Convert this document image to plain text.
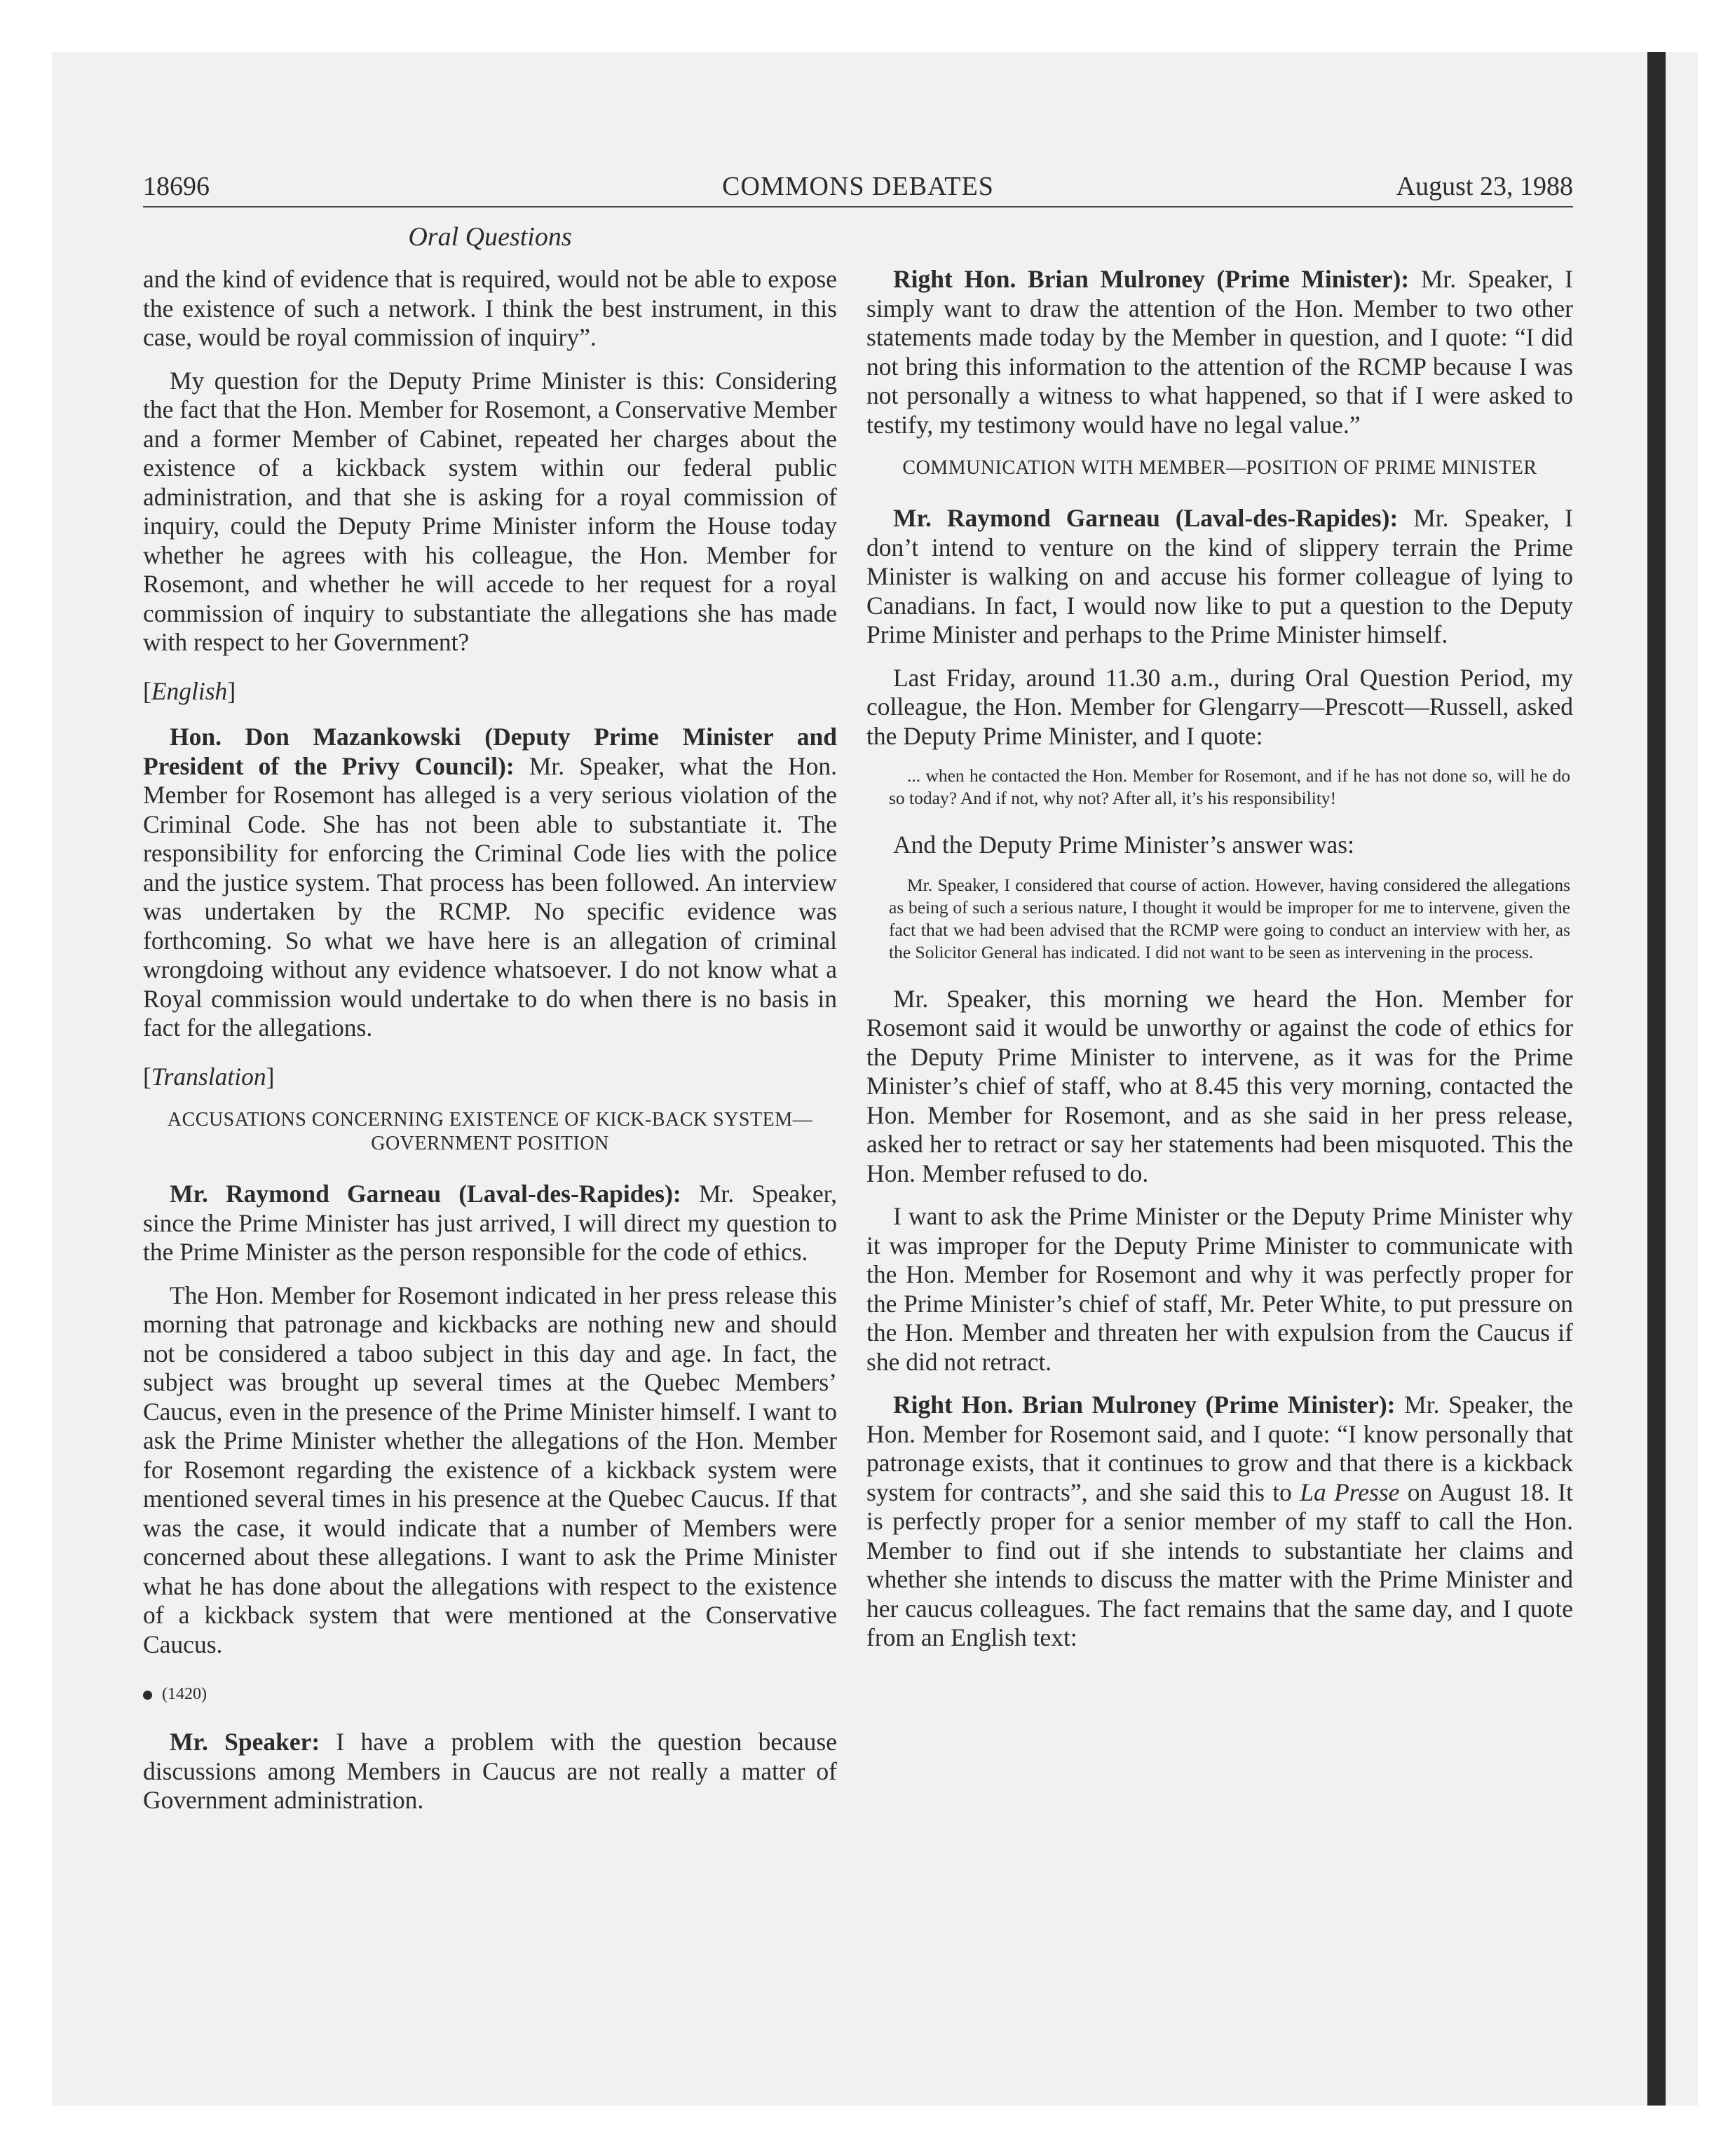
18696	COMMONS DEBATES	August 23, 1988
Oral Questions

and the kind of evidence that is required, would not be able to expose the existence of such a network. I think the best instrument, in this case, would be royal commission of inquiry”.

My question for the Deputy Prime Minister is this: Considering the fact that the Hon. Member for Rosemont, a Conservative Member and a former Member of Cabinet, repeated her charges about the existence of a kickback system within our federal public administration, and that she is asking for a royal commission of inquiry, could the Deputy Prime Minister inform the House today whether he agrees with his colleague, the Hon. Member for Rosemont, and whether he will accede to her request for a royal commission of inquiry to substantiate the allegations she has made with respect to her Government?

[English]

Hon. Don Mazankowski (Deputy Prime Minister and President of the Privy Council): Mr. Speaker, what the Hon. Member for Rosemont has alleged is a very serious violation of the Criminal Code. She has not been able to substantiate it. The responsibility for enforcing the Criminal Code lies with the police and the justice system. That process has been followed. An interview was undertaken by the RCMP. No specific evidence was forthcoming. So what we have here is an allegation of criminal wrongdoing without any evidence whatsoever. I do not know what a Royal commission would undertake to do when there is no basis in fact for the allegations.

[Translation]
ACCUSATIONS CONCERNING EXISTENCE OF KICK-BACK SYSTEM—GOVERNMENT POSITION

Mr. Raymond Garneau (Laval-des-Rapides): Mr. Speaker, since the Prime Minister has just arrived, I will direct my question to the Prime Minister as the person responsible for the code of ethics.

The Hon. Member for Rosemont indicated in her press release this morning that patronage and kickbacks are nothing new and should not be considered a taboo subject in this day and age. In fact, the subject was brought up several times at the Quebec Members’ Caucus, even in the presence of the Prime Minister himself. I want to ask the Prime Minister whether the allegations of the Hon. Member for Rosemont regarding the existence of a kickback system were mentioned several times in his presence at the Quebec Caucus. If that was the case, it would indicate that a number of Members were concerned about these allegations. I want to ask the Prime Minister what he has done about the allegations with respect to the existence of a kickback system that were mentioned at the Conservative Caucus.

(1420)

Mr. Speaker: I have a problem with the question because discussions among Members in Caucus are not really a matter of Government administration.

Right Hon. Brian Mulroney (Prime Minister): Mr. Speaker, I simply want to draw the attention of the Hon. Member to two other statements made today by the Member in question, and I quote: “I did not bring this information to the attention of the RCMP because I was not personally a witness to what happened, so that if I were asked to testify, my testimony would have no legal value.”

COMMUNICATION WITH MEMBER—POSITION OF PRIME MINISTER

Mr. Raymond Garneau (Laval-des-Rapides): Mr. Speaker, I don’t intend to venture on the kind of slippery terrain the Prime Minister is walking on and accuse his former colleague of lying to Canadians. In fact, I would now like to put a question to the Deputy Prime Minister and perhaps to the Prime Minister himself.

Last Friday, around 11.30 a.m., during Oral Question Period, my colleague, the Hon. Member for Glengarry—Prescott—Russell, asked the Deputy Prime Minister, and I quote:

... when he contacted the Hon. Member for Rosemont, and if he has not done so, will he do so today? And if not, why not? After all, it’s his responsibility!

And the Deputy Prime Minister’s answer was:

Mr. Speaker, I considered that course of action. However, having considered the allegations as being of such a serious nature, I thought it would be improper for me to intervene, given the fact that we had been advised that the RCMP were going to conduct an interview with her, as the Solicitor General has indicated. I did not want to be seen as intervening in the process.

Mr. Speaker, this morning we heard the Hon. Member for Rosemont said it would be unworthy or against the code of ethics for the Deputy Prime Minister to intervene, as it was for the Prime Minister’s chief of staff, who at 8.45 this very morning, contacted the Hon. Member for Rosemont, and as she said in her press release, asked her to retract or say her statements had been misquoted. This the Hon. Member refused to do.

I want to ask the Prime Minister or the Deputy Prime Minister why it was improper for the Deputy Prime Minister to communicate with the Hon. Member for Rosemont and why it was perfectly proper for the Prime Minister’s chief of staff, Mr. Peter White, to put pressure on the Hon. Member and threaten her with expulsion from the Caucus if she did not retract.

Right Hon. Brian Mulroney (Prime Minister): Mr. Speaker, the Hon. Member for Rosemont said, and I quote: “I know personally that patronage exists, that it continues to grow and that there is a kickback system for contracts”, and she said this to La Presse on August 18. It is perfectly proper for a senior member of my staff to call the Hon. Member to find out if she intends to substantiate her claims and whether she intends to discuss the matter with the Prime Minister and her caucus colleagues. The fact remains that the same day, and I quote from an English text:
